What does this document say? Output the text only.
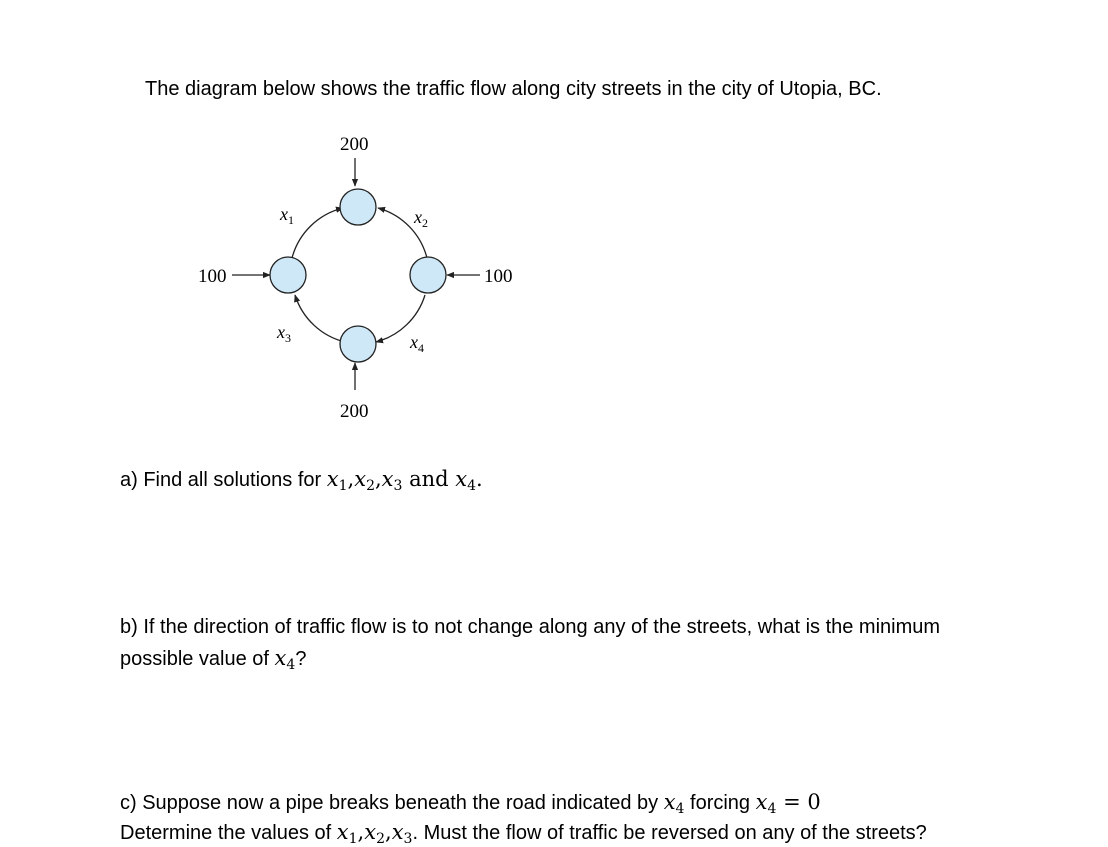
The diagram below shows the traffic flow along city streets in the city of Utopia, BC.
200
200
100	100
$x_1$	$x_2$
$x_3$	$x_4$
a) Find all solutions for $x_1,x_2,x_3$ and $x_4$.
b) If the direction of traffic flow is to not change along any of the streets, what is the minimum
possible value of $x_4$?
c) Suppose now a pipe breaks beneath the road indicated by $x_4$ forcing $x_4 = 0$
Determine the values of $x_1,x_2,x_3$. Must the flow of traffic be reversed on any of the streets?
